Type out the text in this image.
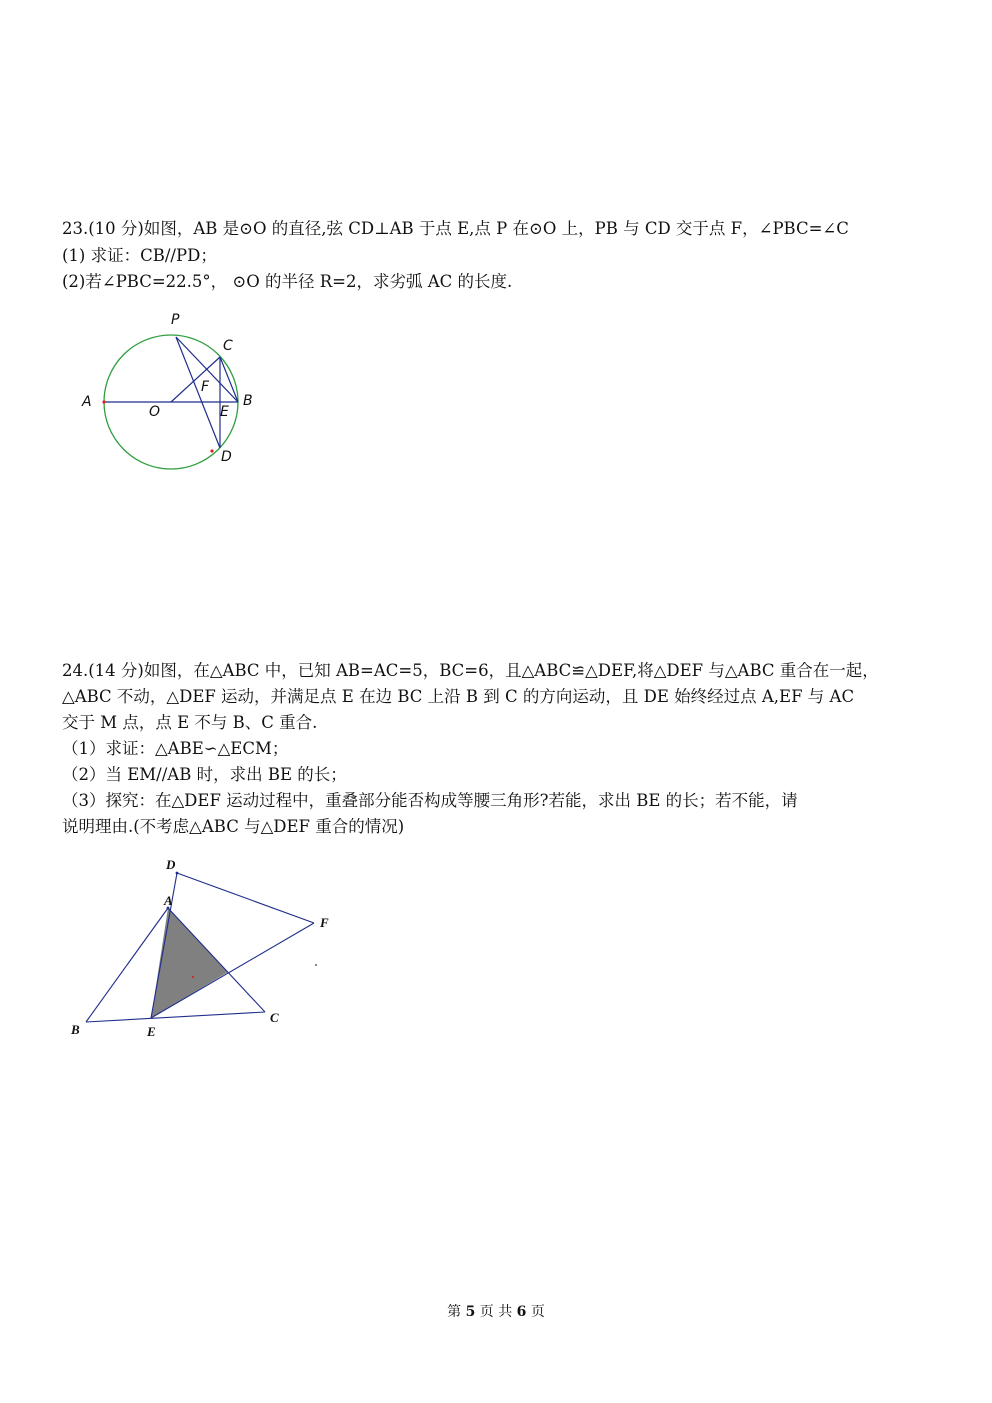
23.(10 分)如图，AB 是⊙O 的直径,弦 CD⊥AB 于点 E,点 P 在⊙O 上，PB 与 CD 交于点 F，∠PBC=∠C

(1) 求证：CB//PD；

(2)若∠PBC=22.5°， ⊙O 的半径 R=2，求劣弧 AC 的长度.

P
C
F
A
O	E
B
D

24.(14 分)如图，在△ABC 中，已知 AB=AC=5，BC=6，且△ABC≌△DEF,将△DEF 与△ABC 重合在一起，

△ABC 不动，△DEF 运动，并满足点 E 在边 BC 上沿 B 到 C 的方向运动，且 DE 始终经过点 A,EF 与 AC

交于 M 点，点 E 不与 B、C 重合.

（1）求证：△ABE∽△ECM；

（2）当 EM//AB 时，求出 BE 的长；

（3）探究：在△DEF 运动过程中，重叠部分能否构成等腰三角形?若能，求出 BE 的长；若不能，请

说明理由.(不考虑△ABC 与△DEF 重合的情况)

D
A
F
B	E
C
第 5 页 共 6 页
